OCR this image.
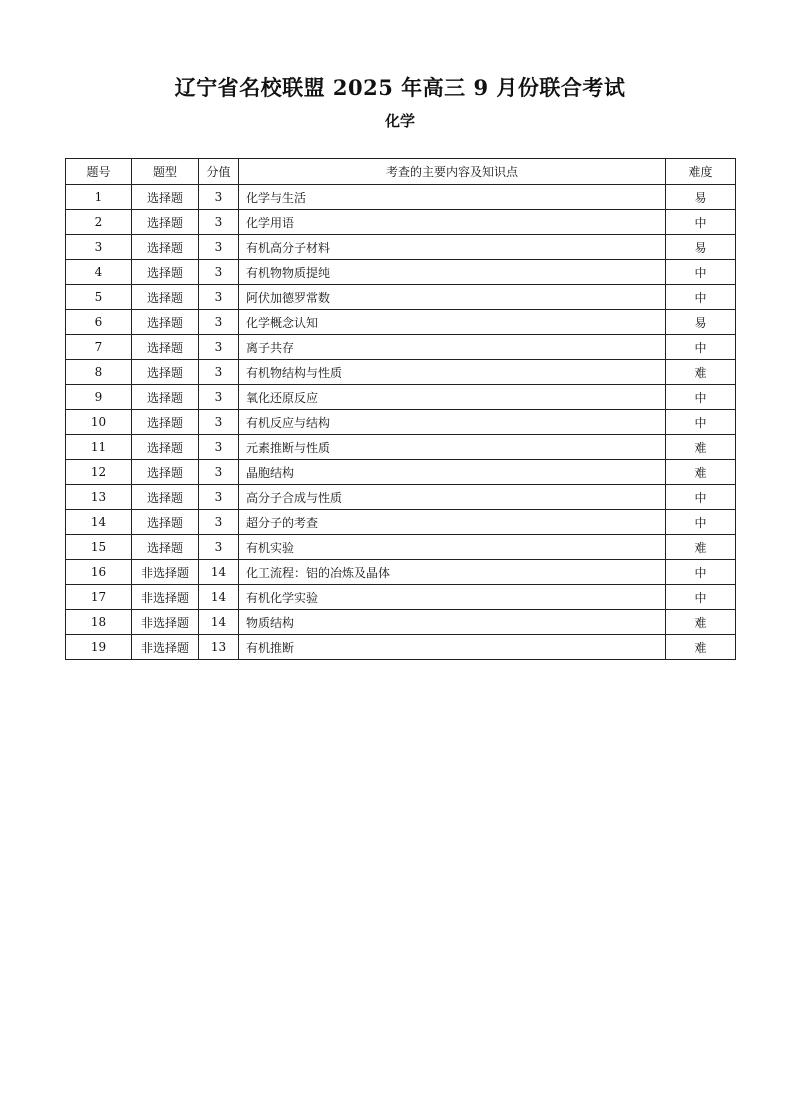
辽宁省名校联盟 2025 年高三 9 月份联合考试
化学
题号	题型	分值	考查的主要内容及知识点	难度
1	选择题	3	化学与生活	易
2	选择题	3	化学用语	中
3	选择题	3	有机高分子材料	易
4	选择题	3	有机物物质提纯	中
5	选择题	3	阿伏加德罗常数	中
6	选择题	3	化学概念认知	易
7	选择题	3	离子共存	中
8	选择题	3	有机物结构与性质	难
9	选择题	3	氧化还原反应	中
10	选择题	3	有机反应与结构	中
11	选择题	3	元素推断与性质	难
12	选择题	3	晶胞结构	难
13	选择题	3	高分子合成与性质	中
14	选择题	3	超分子的考查	中
15	选择题	3	有机实验	难
16	非选择题	14	化工流程：铝的冶炼及晶体	中
17	非选择题	14	有机化学实验	中
18	非选择题	14	物质结构	难
19	非选择题	13	有机推断	难
